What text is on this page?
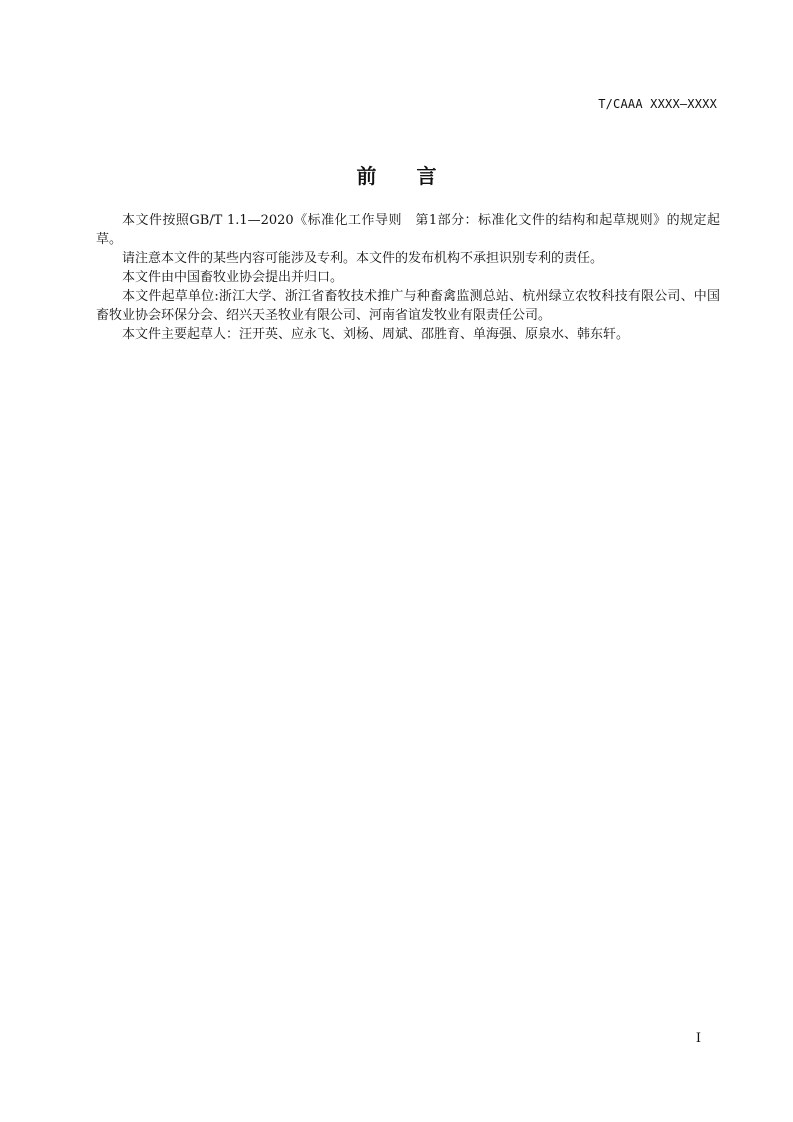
T/CAAA XXXX—XXXX
前言

本文件按照GB/T 1.1—2020《标准化工作导则　第1部分：标准化文件的结构和起草规则》的规定起草。

请注意本文件的某些内容可能涉及专利。本文件的发布机构不承担识别专利的责任。

本文件由中国畜牧业协会提出并归口。

本文件起草单位:浙江大学、浙江省畜牧技术推广与种畜禽监测总站、杭州绿立农牧科技有限公司、中国畜牧业协会环保分会、绍兴天圣牧业有限公司、河南省谊发牧业有限责任公司。

本文件主要起草人：汪开英、应永飞、刘杨、周斌、邵胜育、单海强、原泉水、韩东轩。

I
